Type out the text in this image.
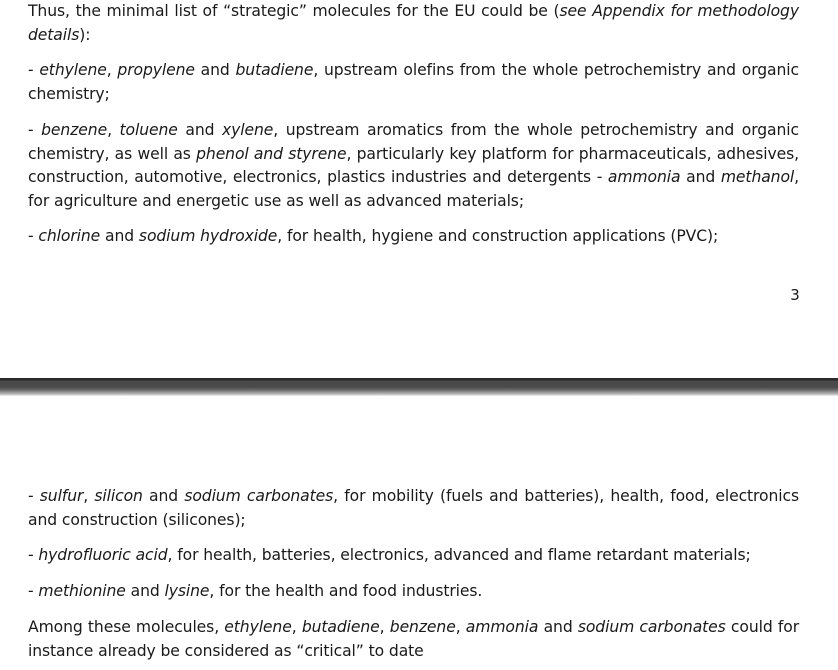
Thus, the minimal list of “strategic” molecules for the EU could be (see Appendix for methodology details):

- ethylene, propylene and butadiene, upstream olefins from the whole petrochemistry and organic chemistry;

- benzene, toluene and xylene, upstream aromatics from the whole petrochemistry and organic chemistry, as well as phenol and styrene, particularly key platform for pharmaceuticals, adhesives, construction, automotive, electronics, plastics industries and detergents - ammonia and methanol, for agriculture and energetic use as well as advanced materials;

- chlorine and sodium hydroxide, for health, hygiene and construction applications (PVC);

3

- sulfur, silicon and sodium carbonates, for mobility (fuels and batteries), health, food, electronics and construction (silicones);

- hydrofluoric acid, for health, batteries, electronics, advanced and flame retardant materials;

- methionine and lysine, for the health and food industries.

Among these molecules, ethylene, butadiene, benzene, ammonia and sodium carbonates could for instance already be considered as “critical” to date
